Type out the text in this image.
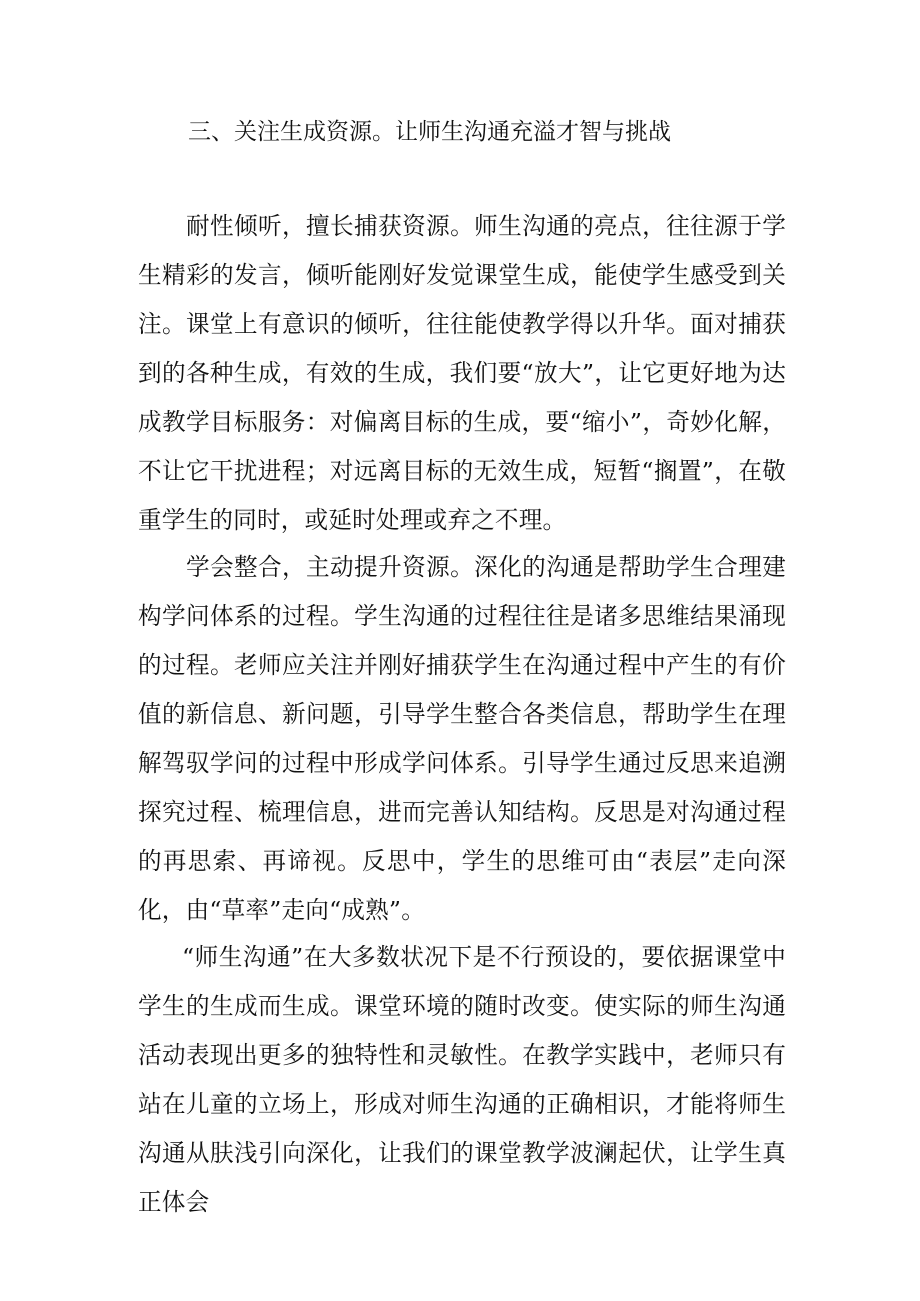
三、关注生成资源。让师生沟通充溢才智与挑战

耐性倾听，擅长捕获资源。师生沟通的亮点，往往源于学生精彩的发言，倾听能刚好发觉课堂生成，能使学生感受到关注。课堂上有意识的倾听，往往能使教学得以升华。面对捕获到的各种生成，有效的生成，我们要“放大”，让它更好地为达成教学目标服务：对偏离目标的生成，要“缩小”，奇妙化解，不让它干扰进程；对远离目标的无效生成，短暂“搁置”，在敬重学生的同时，或延时处理或弃之不理。

学会整合，主动提升资源。深化的沟通是帮助学生合理建构学问体系的过程。学生沟通的过程往往是诸多思维结果涌现的过程。老师应关注并刚好捕获学生在沟通过程中产生的有价值的新信息、新问题，引导学生整合各类信息，帮助学生在理解驾驭学问的过程中形成学问体系。引导学生通过反思来追溯探究过程、梳理信息，进而完善认知结构。反思是对沟通过程的再思索、再谛视。反思中，学生的思维可由“表层”走向深化，由“草率”走向“成熟”。

“师生沟通”在大多数状况下是不行预设的，要依据课堂中学生的生成而生成。课堂环境的随时改变。使实际的师生沟通活动表现出更多的独特性和灵敏性。在教学实践中，老师只有站在儿童的立场上，形成对师生沟通的正确相识，才能将师生沟通从肤浅引向深化，让我们的课堂教学波澜起伏，让学生真正体会
